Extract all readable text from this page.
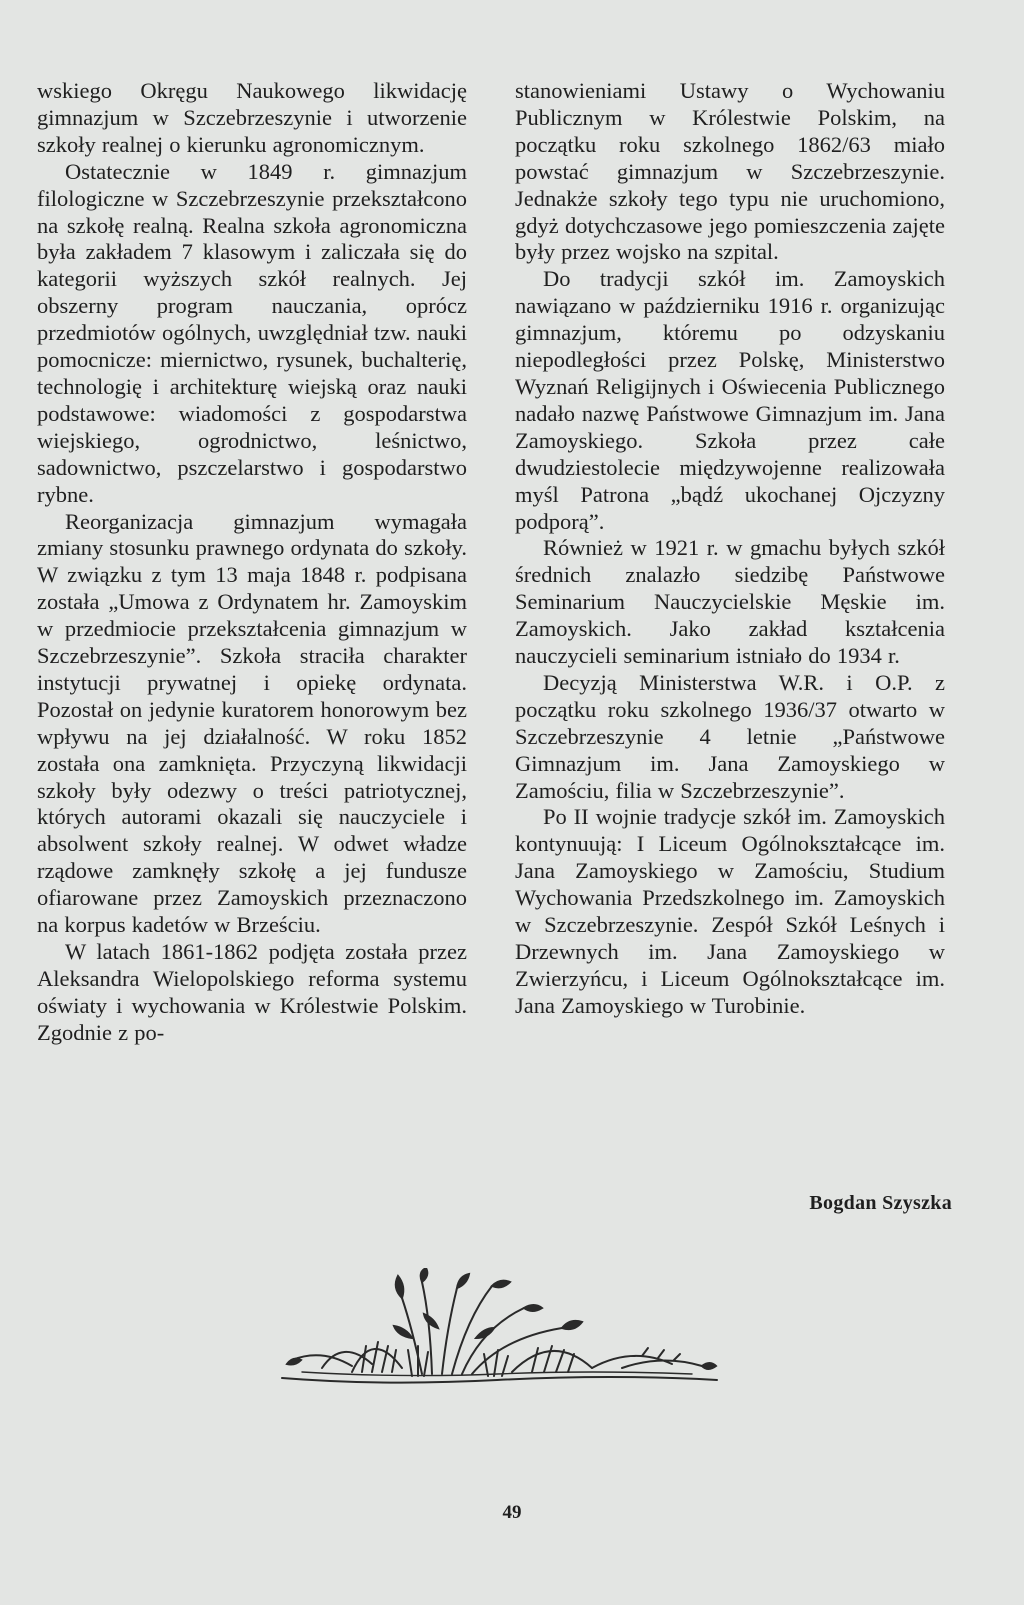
wskiego Okręgu Naukowego likwidację gimnazjum w Szczebrzeszynie i utworzenie szkoły realnej o kierunku agronomicznym.

Ostatecznie w 1849 r. gimnazjum filologiczne w Szczebrzeszynie przekształcono na szkołę realną. Realna szkoła agronomiczna była zakładem 7 klasowym i zaliczała się do kategorii wyższych szkół realnych. Jej obszerny program nauczania, oprócz przedmiotów ogólnych, uwzględniał tzw. nauki pomocnicze: miernictwo, rysunek, buchalterię, technologię i architekturę wiejską oraz nauki podstawowe: wiadomości z gospodarstwa wiejskiego, ogrodnictwo, leśnictwo, sadownictwo, pszczelarstwo i gospodarstwo rybne.

Reorganizacja gimnazjum wymagała zmiany stosunku prawnego ordynata do szkoły. W związku z tym 13 maja 1848 r. podpisana została „Umowa z Ordynatem hr. Zamoyskim w przedmiocie przekształcenia gimnazjum w Szczebrzeszynie”. Szkoła straciła charakter instytucji prywatnej i opiekę ordynata. Pozostał on jedynie kuratorem honorowym bez wpływu na jej działalność. W roku 1852 została ona zamknięta. Przyczyną likwidacji szkoły były odezwy o treści patriotycznej, których autorami okazali się nauczyciele i absolwent szkoły realnej. W odwet władze rządowe zamknęły szkołę a jej fundusze ofiarowane przez Zamoyskich przeznaczono na korpus kadetów w Brześciu.

W latach 1861-1862 podjęta została przez Aleksandra Wielopolskiego reforma systemu oświaty i wychowania w Królestwie Polskim. Zgodnie z po-

stanowieniami Ustawy o Wychowaniu Publicznym w Królestwie Polskim, na początku roku szkolnego 1862/63 miało powstać gimnazjum w Szczebrzeszynie. Jednakże szkoły tego typu nie uruchomiono, gdyż dotychczasowe jego pomieszczenia zajęte były przez wojsko na szpital.

Do tradycji szkół im. Zamoyskich nawiązano w październiku 1916 r. organizując gimnazjum, któremu po odzyskaniu niepodległości przez Polskę, Ministerstwo Wyznań Religijnych i Oświecenia Publicznego nadało nazwę Państwowe Gimnazjum im. Jana Zamoyskiego. Szkoła przez całe dwudziestolecie międzywojenne realizowała myśl Patrona „bądź ukochanej Ojczyzny podporą”.

Również w 1921 r. w gmachu byłych szkół średnich znalazło siedzibę Państwowe Seminarium Nauczycielskie Męskie im. Zamoyskich. Jako zakład kształcenia nauczycieli seminarium istniało do 1934 r.

Decyzją Ministerstwa W.R. i O.P. z początku roku szkolnego 1936/37 otwarto w Szczebrzeszynie 4 letnie „Państwowe Gimnazjum im. Jana Zamoyskiego w Zamościu, filia w Szczebrzeszynie”.

Po II wojnie tradycje szkół im. Zamoyskich kontynuują: I Liceum Ogólnokształcące im. Jana Zamoyskiego w Zamościu, Studium Wychowania Przedszkolnego im. Zamoyskich w Szczebrzeszynie. Zespół Szkół Leśnych i Drzewnych im. Jana Zamoyskiego w Zwierzyńcu, i Liceum Ogólnokształcące im. Jana Zamoyskiego w Turobinie.

Bogdan Szyszka
49
